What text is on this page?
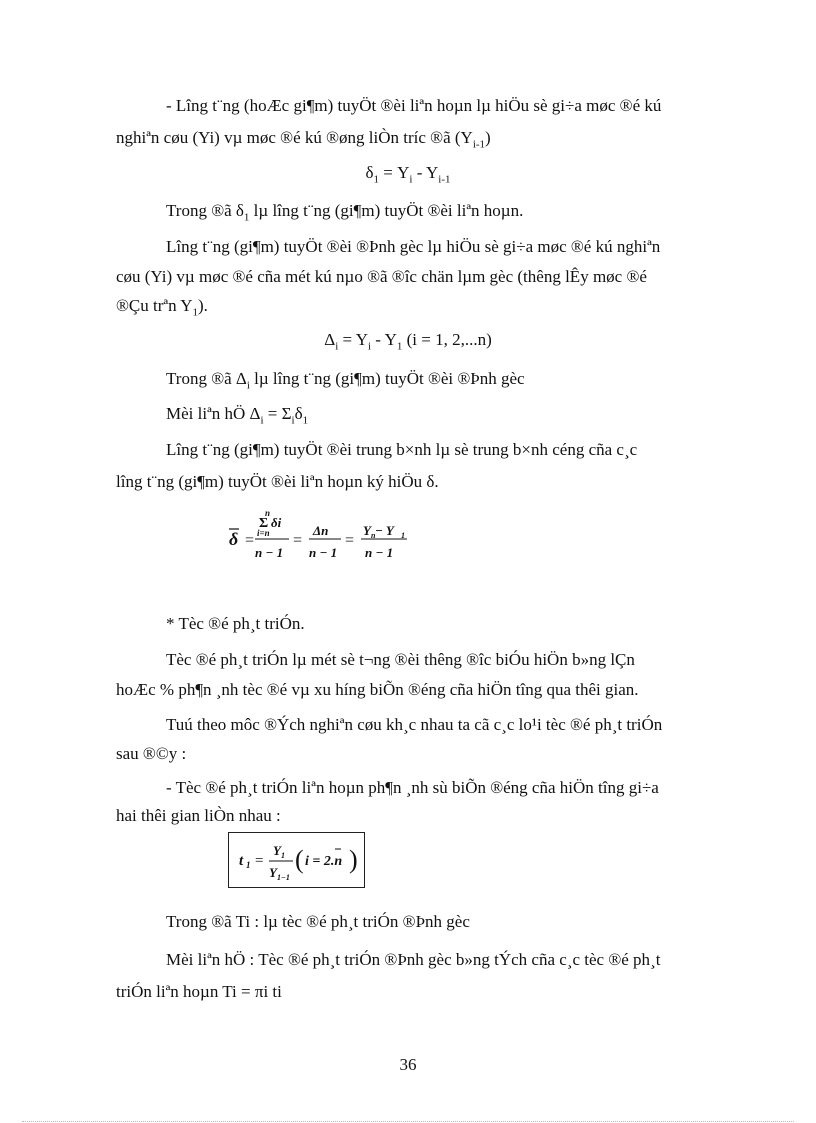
- Lîng t¨ng (hoÆc gi¶m) tuyÖt ®èi liªn hoµn lµ hiÖu sè gi÷a møc ®é kú
nghiªn cøu (Yi) vµ møc ®é kú ®øng liÒn tríc ®ã $(Y_{i-1})$
$\delta_1 = Y_i - Y_{i-1}$
Trong ®ã $\delta_1$ lµ lîng t¨ng (gi¶m) tuyÖt ®èi liªn hoµn.
Lîng t¨ng (gi¶m) tuyÖt ®èi ®Þnh gèc lµ hiÖu sè gi÷a møc ®é kú nghiªn
cøu (Yi) vµ møc ®é cña mét kú nµo ®ã ®îc chän lµm gèc (thêng lÊy møc ®é
®Çu trªn $Y_1$).
$\Delta_i = Y_i - Y_1$ (i = 1, 2,...n)
Trong ®ã $\Delta_i$ lµ lîng t¨ng (gi¶m) tuyÖt ®èi ®Þnh gèc
Mèi liªn hÖ $\Delta_i = \Sigma_i\delta_1$
Lîng t¨ng (gi¶m) tuyÖt ®èi trung b×nh lµ sè trung b×nh céng cña c¸c
lîng t¨ng (gi¶m) tuyÖt ®èi liªn hoµn ký hiÖu δ.
δ =
n
Σ δi
i=n
n − 1
=
Δn
n − 1
=
Y n − Y 1
n − 1
* Tèc ®é ph¸t triÓn.
Tèc ®é ph¸t triÓn lµ mét sè t¬ng ®èi thêng ®îc biÓu hiÖn b»ng lÇn
hoÆc % ph¶n ¸nh tèc ®é vµ xu híng biÕn ®éng cña hiÖn tîng qua thêi gian.
Tuú theo môc ®Ých nghiªn cøu kh¸c nhau ta cã c¸c lo¹i tèc ®é ph¸t triÓn
sau ®©y :
- Tèc ®é ph¸t triÓn liªn hoµn ph¶n ¸nh sù biÕn ®éng cña hiÖn tîng gi÷a
hai thêi gian liÒn nhau :
t 1 =
Y 1
Y 1−1
( i = 2.n )
Trong ®ã Ti : lµ tèc ®é ph¸t triÓn ®Þnh gèc
Mèi liªn hÖ : Tèc ®é ph¸t triÓn ®Þnh gèc b»ng tÝch cña c¸c tèc ®é ph¸t
triÓn liªn hoµn Ti = πi ti
36
